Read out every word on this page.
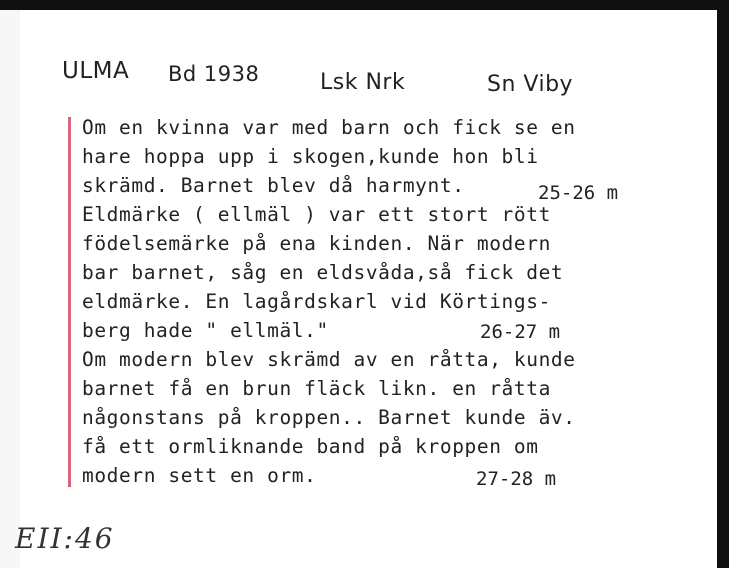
ULMA Bd 1938	Lsk Nrk	Sn Viby
Om en kvinna var med barn och fick se en
hare hoppa upp i skogen,kunde hon bli
skrämd. Barnet blev då harmynt.	25-26 m
Eldmärke ( ellmäl ) var ett stort rött
födelsemärke på ena kinden. När modern
bar barnet, såg en eldsvåda,så fick det
eldmärke. En lagårdskarl vid Körtings-
berg hade " ellmäl."	26-27 m
Om modern blev skrämd av en råtta, kunde
barnet få en brun fläck likn. en råtta
någonstans på kroppen.. Barnet kunde äv.
få ett ormliknande band på kroppen om
modern sett en orm.	27-28 m
EII:46
